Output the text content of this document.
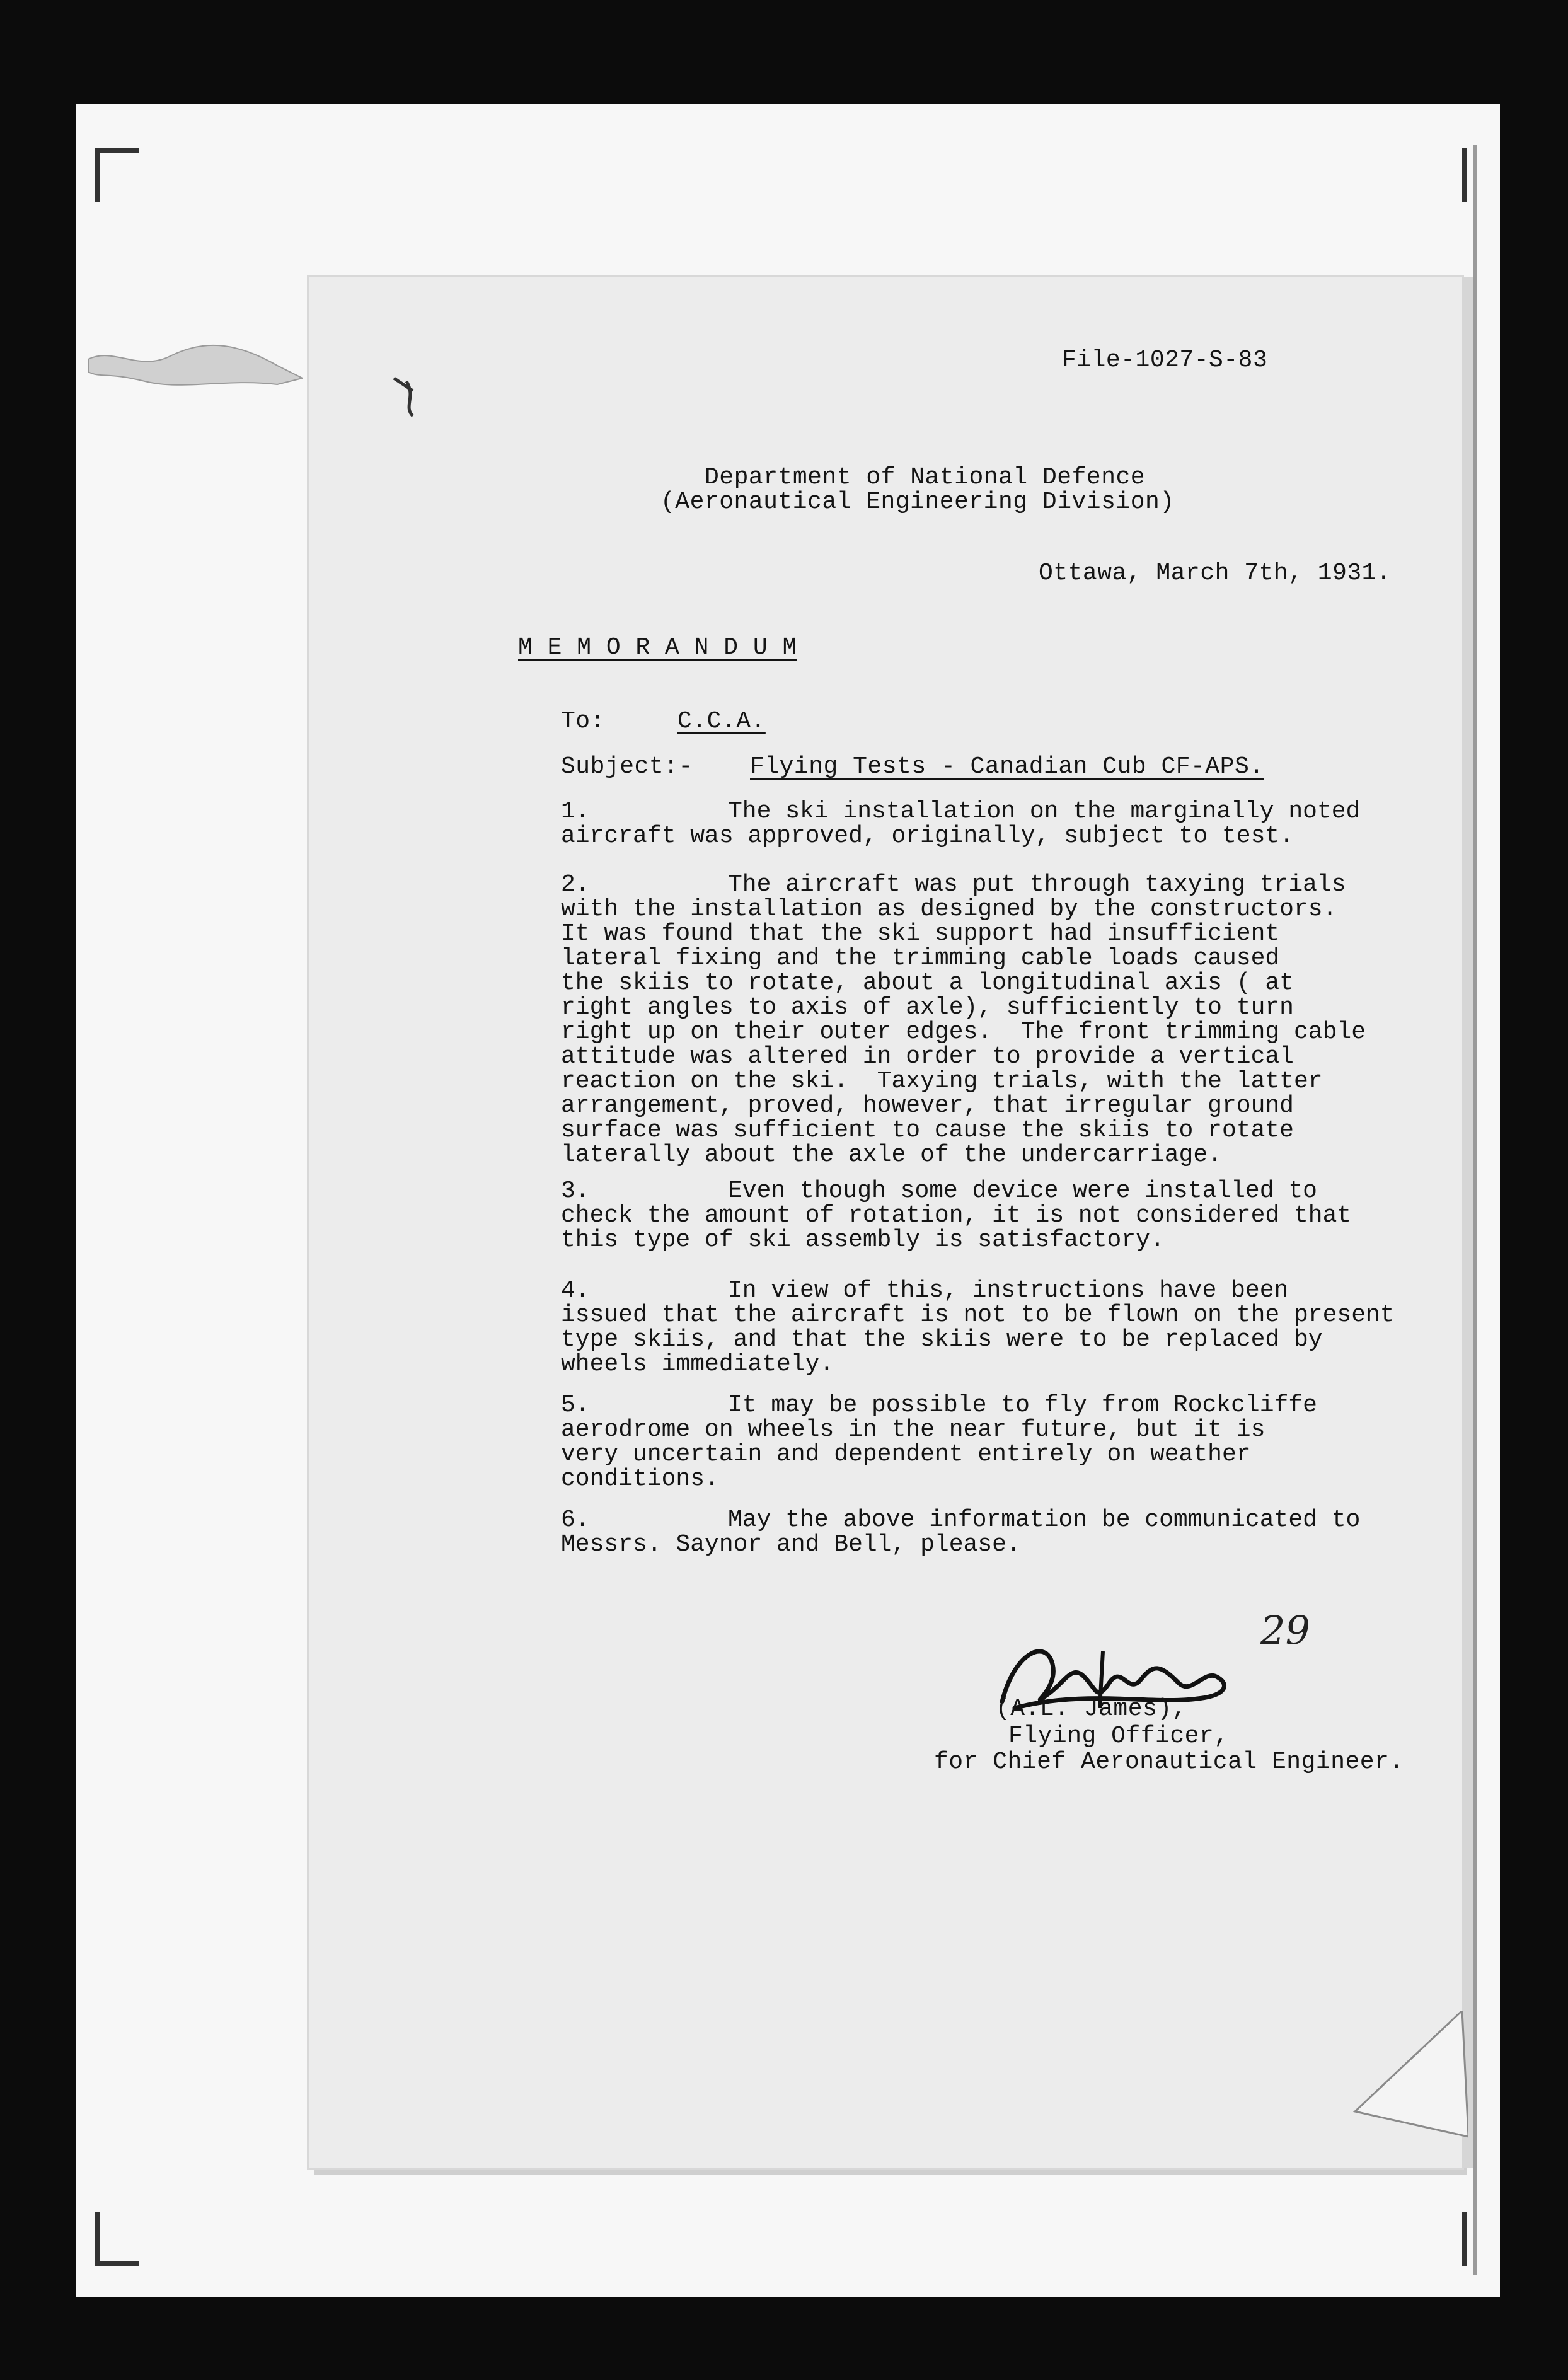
File-1027-S-83
Department of National Defence
(Aeronautical Engineering Division)
Ottawa, March 7th, 1931.
M E M O R A N D U M
To:	C.C.A.
Subject:- Flying Tests - Canadian Cub CF-APS.
1.	The ski installation on the marginally noted
aircraft was approved, originally, subject to test.
2.	The aircraft was put through taxying trials
with the installation as designed by the constructors.
It was found that the ski support had insufficient
lateral fixing and the trimming cable loads caused
the skiis to rotate, about a longitudinal axis ( at
right angles to axis of axle), sufficiently to turn
right up on their outer edges.  The front trimming cable
attitude was altered in order to provide a vertical
reaction on the ski.  Taxying trials, with the latter
arrangement, proved, however, that irregular ground
surface was sufficient to cause the skiis to rotate
laterally about the axle of the undercarriage.
3.	Even though some device were installed to
check the amount of rotation, it is not considered that
this type of ski assembly is satisfactory.
4.	In view of this, instructions have been
issued that the aircraft is not to be flown on the present
type skiis, and that the skiis were to be replaced by
wheels immediately.
5.	It may be possible to fly from Rockcliffe
aerodrome on wheels in the near future, but it is
very uncertain and dependent entirely on weather
conditions.
6.	May the above information be communicated to
Messrs. Saynor and Bell, please.
29
(A.L. James),
Flying Officer,
for Chief Aeronautical Engineer.
